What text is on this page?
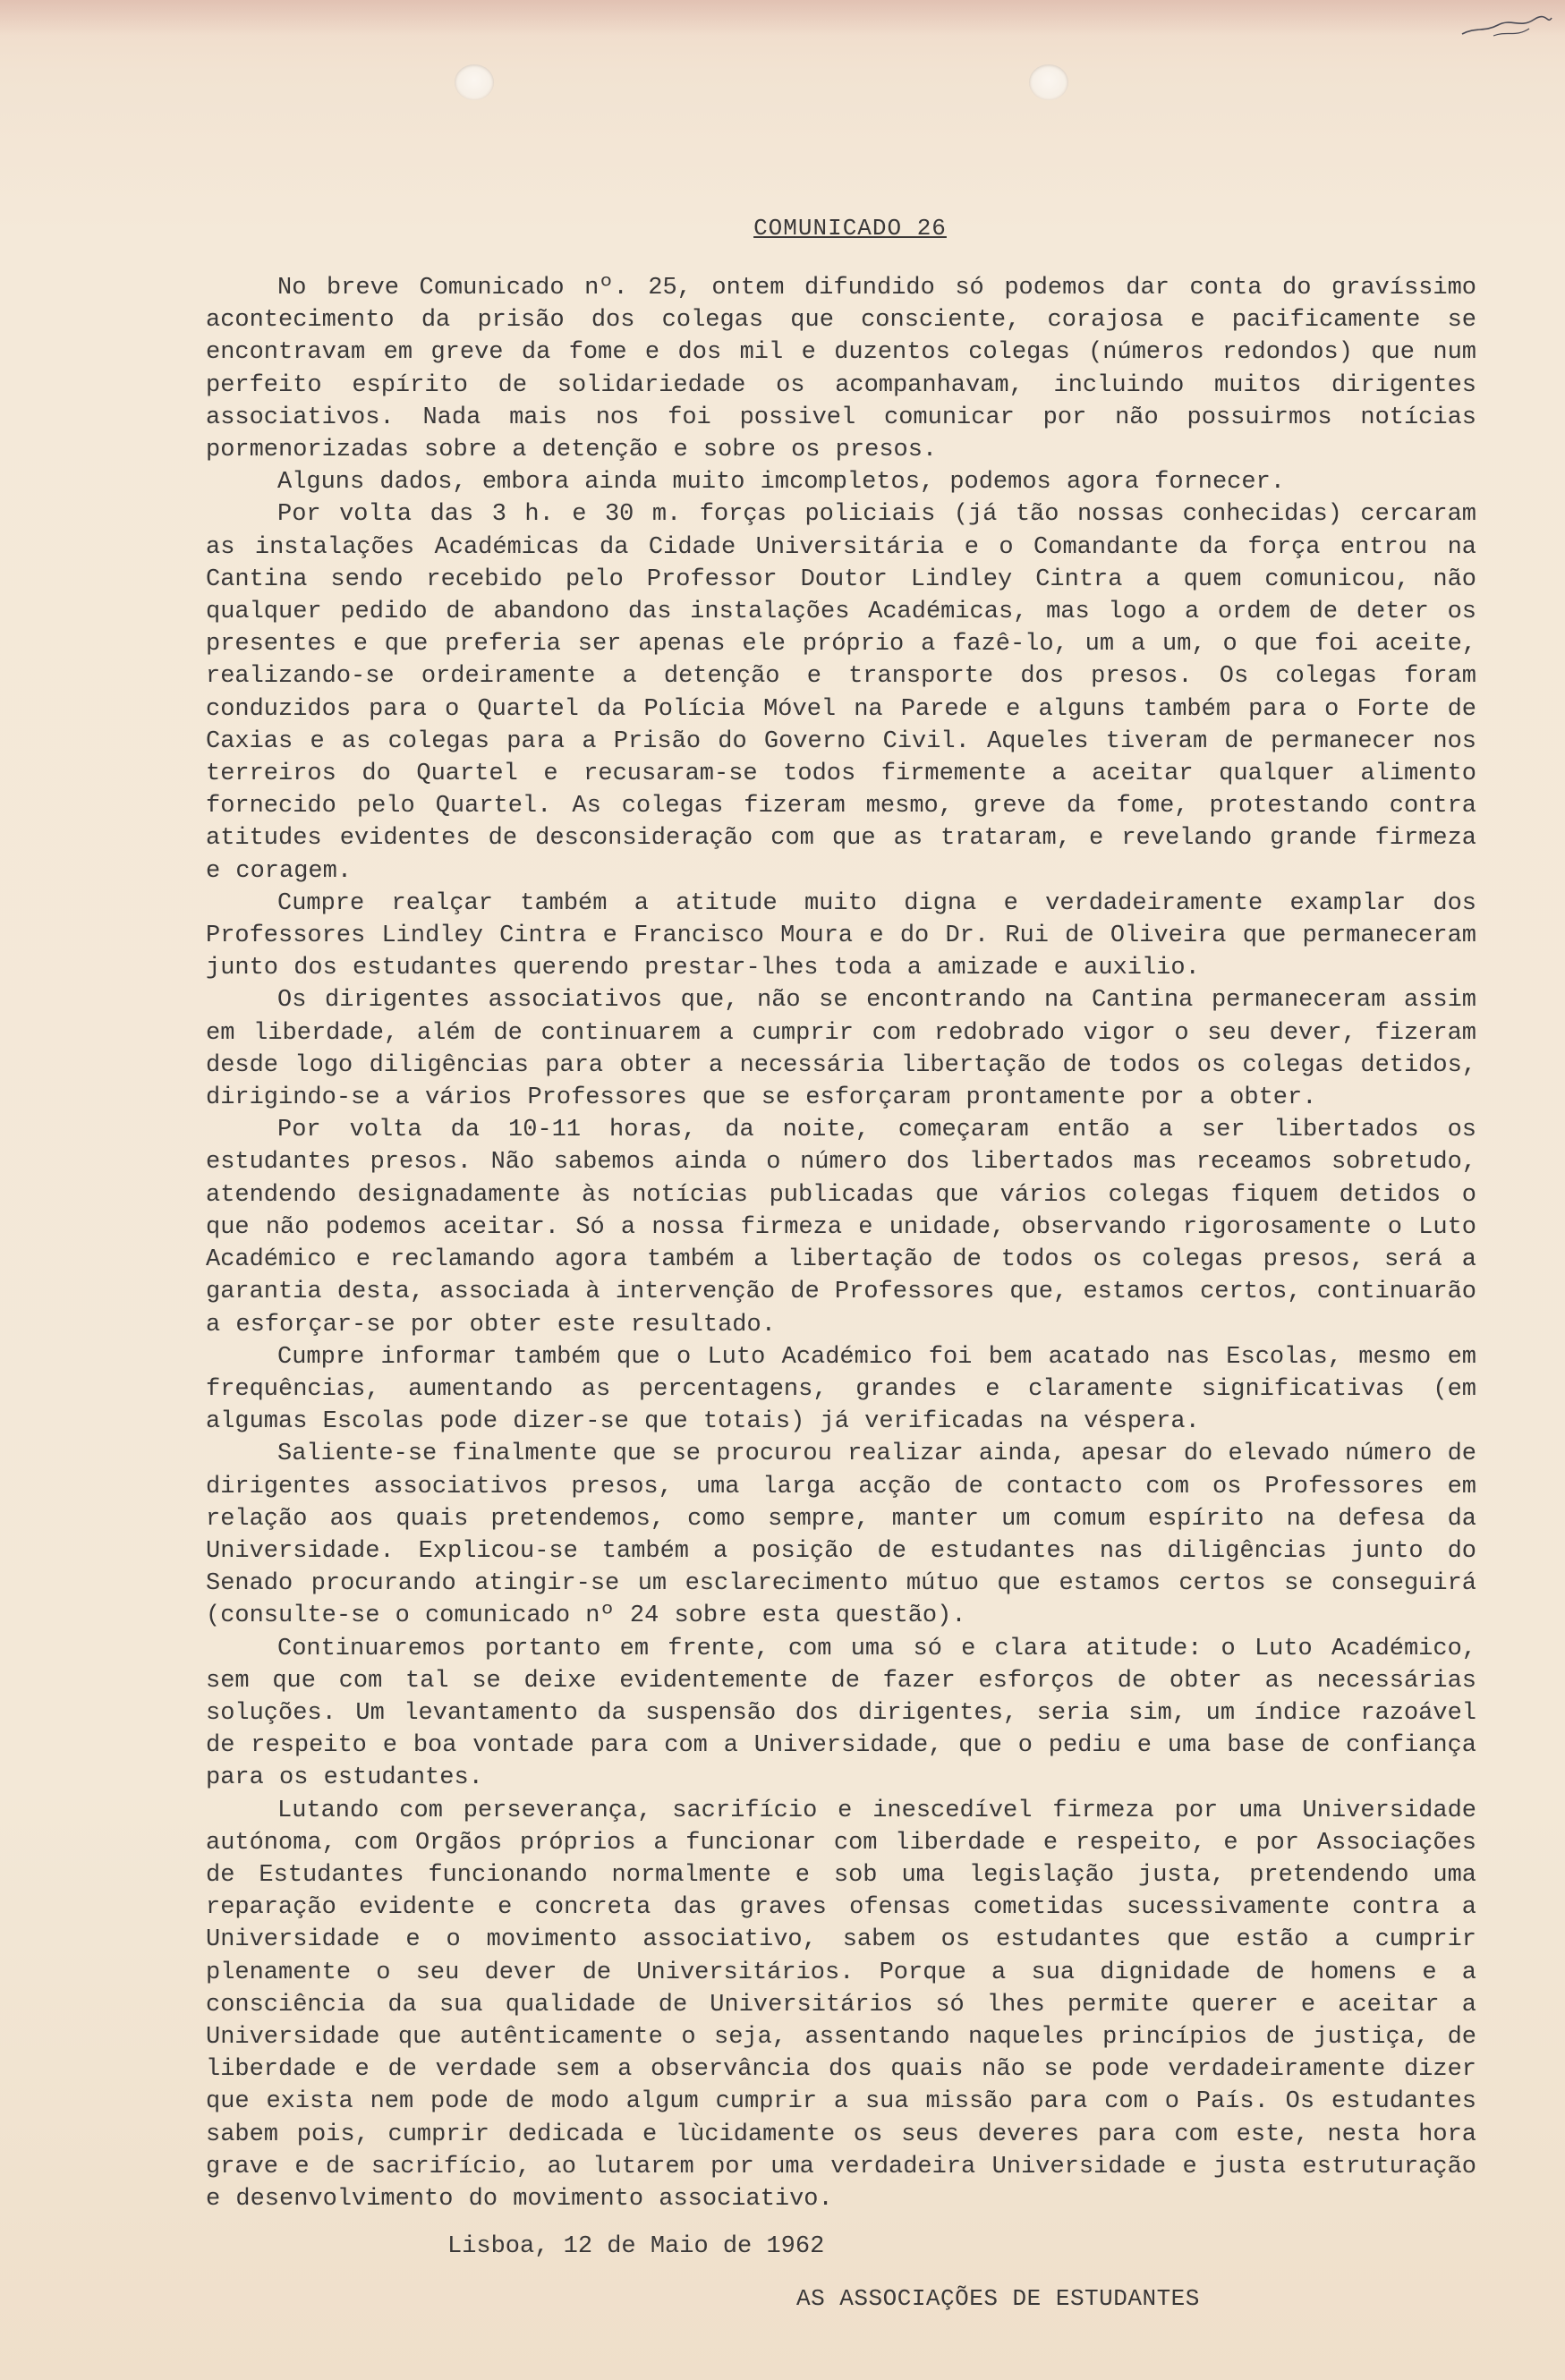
COMUNICADO 26

No breve Comunicado nº. 25, ontem difundido só podemos dar conta do gravíssimo acontecimento da prisão dos colegas que consciente, corajosa e pacificamente se encontravam em greve da fome e dos mil e duzentos colegas (números redondos) que num perfeito espírito de solidariedade os acompanhavam, incluindo muitos dirigentes associativos. Nada mais nos foi possivel comunicar por não possuirmos notícias pormenorizadas sobre a detenção e sobre os presos.

Alguns dados, embora ainda muito imcompletos, podemos agora fornecer.

Por volta das 3 h. e 30 m. forças policiais (já tão nossas conhecidas) cercaram as instalações Académicas da Cidade Universitária e o Comandante da força entrou na Cantina sendo recebido pelo Professor Doutor Lindley Cintra a quem comunicou, não qualquer pedido de abandono das instalações Académicas, mas logo a ordem de deter os presentes e que preferia ser apenas ele próprio a fazê-lo, um a um, o que foi aceite, realizando-se ordeiramente a detenção e transporte dos presos. Os colegas foram conduzidos para o Quartel da Polícia Móvel na Parede e alguns também para o Forte de Caxias e as colegas para a Prisão do Governo Civil. Aqueles tiveram de permanecer nos terreiros do Quartel e recusaram-se todos firmemente a aceitar qualquer alimento fornecido pelo Quartel. As colegas fizeram mesmo, greve da fome, protestando contra atitudes evidentes de desconsideração com que as trataram, e revelando grande firmeza e coragem.

Cumpre realçar também a atitude muito digna e verdadeiramente examplar dos Professores Lindley Cintra e Francisco Moura e do Dr. Rui de Oliveira que permaneceram junto dos estudantes querendo prestar-lhes toda a amizade e auxilio.

Os dirigentes associativos que, não se encontrando na Cantina permaneceram assim em liberdade, além de continuarem a cumprir com redobrado vigor o seu dever, fizeram desde logo diligências para obter a necessária libertação de todos os colegas detidos, dirigindo-se a vários Professores que se esforçaram prontamente por a obter.

Por volta da 10-11 horas, da noite, começaram então a ser libertados os estudantes presos. Não sabemos ainda o número dos libertados mas receamos sobretudo, atendendo designadamente às notícias publicadas que vários colegas fiquem detidos o que não podemos aceitar. Só a nossa firmeza e unidade, observando rigorosamente o Luto Académico e reclamando agora também a libertação de todos os colegas presos, será a garantia desta, associada à intervenção de Professores que, estamos certos, continuarão a esforçar-se por obter este resultado.

Cumpre informar também que o Luto Académico foi bem acatado nas Escolas, mesmo em frequências, aumentando as percentagens, grandes e claramente significativas (em algumas Escolas pode dizer-se que totais) já verificadas na véspera.

Saliente-se finalmente que se procurou realizar ainda, apesar do elevado número de dirigentes associativos presos, uma larga acção de contacto com os Professores em relação aos quais pretendemos, como sempre, manter um comum espírito na defesa da Universidade. Explicou-se também a posição de estudantes nas diligências junto do Senado procurando atingir-se um esclarecimento mútuo que estamos certos se conseguirá (consulte-se o comunicado nº 24 sobre esta questão).

Continuaremos portanto em frente, com uma só e clara atitude: o Luto Académico, sem que com tal se deixe evidentemente de fazer esforços de obter as necessárias soluções. Um levantamento da suspensão dos dirigentes, seria sim, um índice razoável de respeito e boa vontade para com a Universidade, que o pediu e uma base de confiança para os estudantes.

Lutando com perseverança, sacrifício e inescedível firmeza por uma Universidade autónoma, com Orgãos próprios a funcionar com liberdade e respeito, e por Associações de Estudantes funcionando normalmente e sob uma legislação justa, pretendendo uma reparação evidente e concreta das graves ofensas cometidas sucessivamente contra a Universidade e o movimento associativo, sabem os estudantes que estão a cumprir plenamente o seu dever de Universitários. Porque a sua dignidade de homens e a consciência da sua qualidade de Universitários só lhes permite querer e aceitar a Universidade que autênticamente o seja, assentando naqueles princípios de justiça, de liberdade e de verdade sem a observância dos quais não se pode verdadeiramente dizer que exista nem pode de modo algum cumprir a sua missão para com o País. Os estudantes sabem pois, cumprir dedicada e lùcidamente os seus deveres para com este, nesta hora grave e de sacrifício, ao lutarem por uma verdadeira Universidade e justa estruturação e desenvolvimento do movimento associativo.

Lisboa, 12 de Maio de 1962
AS ASSOCIAÇÕES DE ESTUDANTES
